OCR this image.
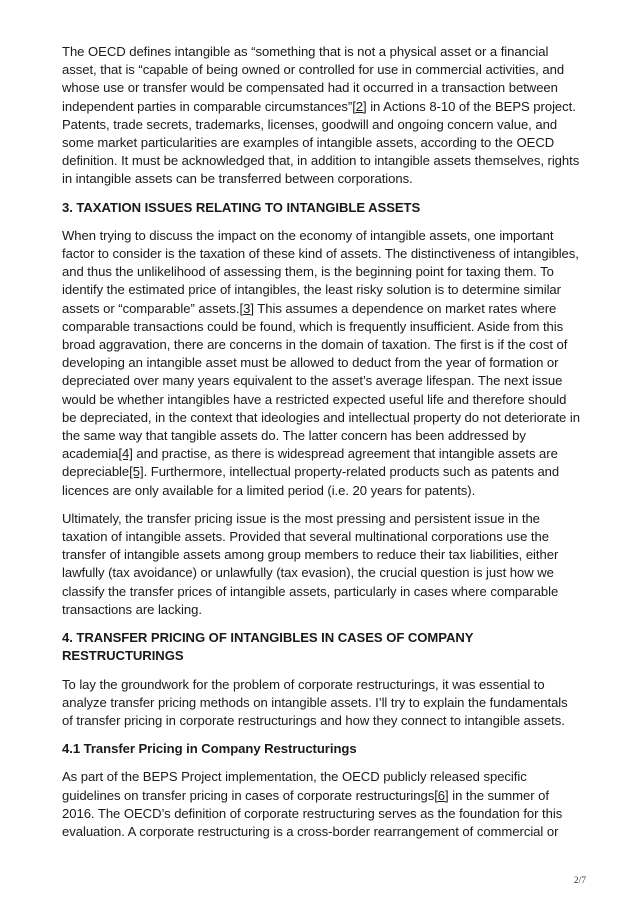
The OECD defines intangible as “something that is not a physical asset or a financial asset, that is “capable of being owned or controlled for use in commercial activities, and whose use or transfer would be compensated had it occurred in a transaction between independent parties in comparable circumstances”[2] in Actions 8-10 of the BEPS project.  Patents, trade secrets, trademarks, licenses, goodwill and ongoing concern value, and some market particularities are examples of intangible assets, according to the OECD definition. It must be acknowledged that, in addition to intangible assets themselves, rights in intangible assets can be transferred between corporations.

3. TAXATION ISSUES RELATING TO INTANGIBLE ASSETS

When trying to discuss the impact on the economy of intangible assets, one important factor to consider is the taxation of these kind of assets. The distinctiveness of intangibles, and thus the unlikelihood of assessing them, is the beginning point for taxing them. To identify the estimated price of intangibles, the least risky solution is to determine similar assets or “comparable” assets.[3] This assumes a dependence on market rates where comparable transactions could be found, which is frequently insufficient. Aside from this broad aggravation, there are concerns in the domain of taxation. The first is if the cost of developing an intangible asset must be allowed to deduct from the year of formation or depreciated over many years equivalent to the asset’s average lifespan. The next issue would be whether intangibles have a restricted expected useful life and therefore should be depreciated, in the context that ideologies and intellectual property do not deteriorate in the same way that tangible assets do. The latter concern has been addressed by academia[4] and practise, as there is widespread agreement that intangible assets are depreciable[5]. Furthermore, intellectual property-related products such as patents and licences are only available for a limited period (i.e. 20 years for patents).

Ultimately, the transfer pricing issue is the most pressing and persistent issue in the taxation of intangible assets. Provided that several multinational corporations use the transfer of intangible assets among group members to reduce their tax liabilities, either lawfully (tax avoidance) or unlawfully (tax evasion), the crucial question is just how we classify the transfer prices of intangible assets, particularly in cases where comparable transactions are lacking.

4. TRANSFER PRICING OF INTANGIBLES IN CASES OF COMPANY RESTRUCTURINGS

To lay the groundwork for the problem of corporate restructurings, it was essential to analyze transfer pricing methods on intangible assets. I’ll try to explain the fundamentals of transfer pricing in corporate restructurings and how they connect to intangible assets.

4.1 Transfer Pricing in Company Restructurings

As part of the BEPS Project implementation, the OECD publicly released specific guidelines on transfer pricing in cases of corporate restructurings[6] in the summer of 2016. The OECD’s definition of corporate restructuring serves as the foundation for this evaluation. A corporate restructuring is a cross-border rearrangement of commercial or

2/7
